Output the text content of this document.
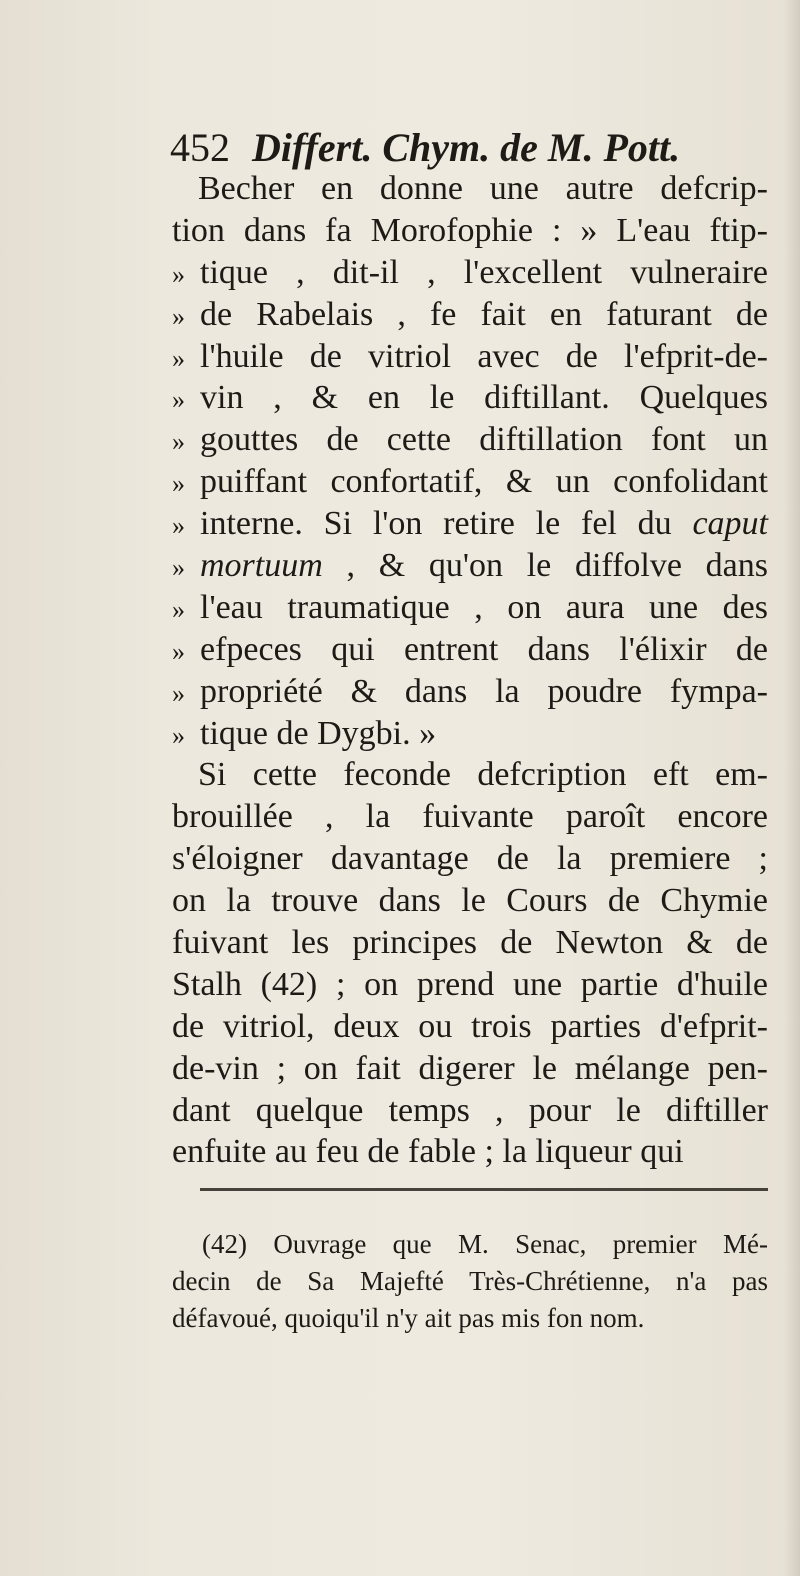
452 Differt. Chym. de M. Pott.
Becher en donne une autre defcrip-
tion dans fa Morofophie : » L'eau ftip-
» tique , dit-il , l'excellent vulneraire
» de Rabelais , fe fait en faturant de
» l'huile de vitriol avec de l'efprit-de-
» vin , & en le diftillant. Quelques
» gouttes de cette diftillation font un
» puiffant confortatif, & un confolidant
» interne. Si l'on retire le fel du caput
» mortuum , & qu'on le diffolve dans
» l'eau traumatique , on aura une des
» efpeces qui entrent dans l'élixir de
» propriété & dans la poudre fympa-
» tique de Dygbi. »
Si cette feconde defcription eft em-
brouillée , la fuivante paroît encore
s'éloigner davantage de la premiere ;
on la trouve dans le Cours de Chymie
fuivant les principes de Newton & de
Stalh (42) ; on prend une partie d'huile
de vitriol, deux ou trois parties d'efprit-
de-vin ; on fait digerer le mélange pen-
dant quelque temps , pour le diftiller
enfuite au feu de fable ; la liqueur qui
(42) Ouvrage que M. Senac, premier Mé-
decin de Sa Majefté Très-Chrétienne, n'a pas
défavoué, quoiqu'il n'y ait pas mis fon nom.
